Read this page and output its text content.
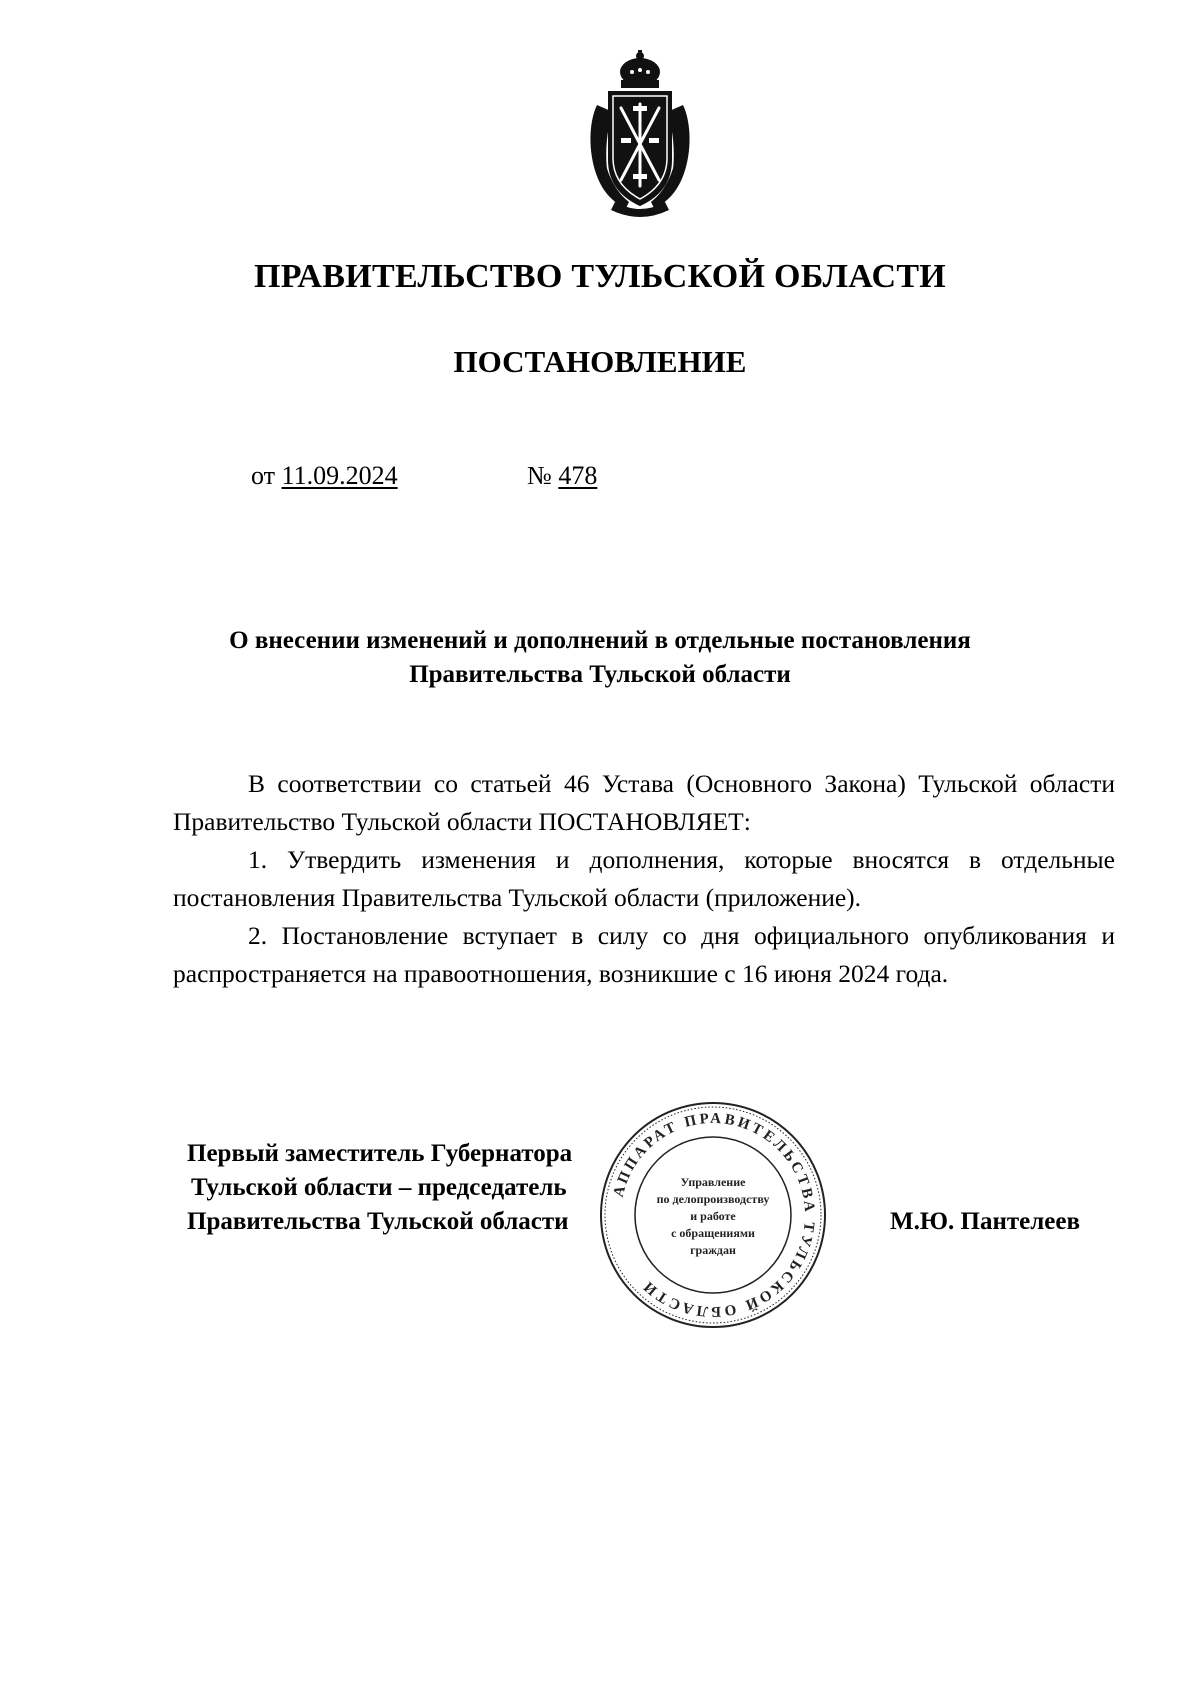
ПРАВИТЕЛЬСТВО ТУЛЬСКОЙ ОБЛАСТИ
ПОСТАНОВЛЕНИЕ
от 11.09.2024	№ 478
О внесении изменений и дополнений в отдельные постановления
Правительства Тульской области

В соответствии со статьей 46 Устава (Основного Закона) Тульской области Правительство Тульской области ПОСТАНОВЛЯЕТ:

1. Утвердить изменения и дополнения, которые вносятся в отдельные постановления Правительства Тульской области (приложение).

2. Постановление вступает в силу со дня официального опубликования и распространяется на правоотношения, возникшие с 16 июня 2024 года.

Первый заместитель Губернатора
Тульской области – председатель
Правительства Тульской области	М.Ю. Пантелеев
АППАРАТ ПРАВИТЕЛЬСТВА ТУЛЬСКОЙ ОБЛАСТИ
Управление
по делопроизводству
и работе
с обращениями
граждан
